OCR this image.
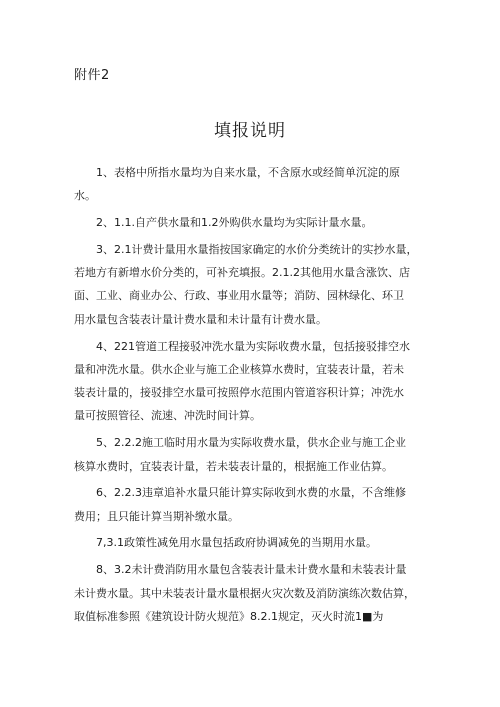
附件2
填报说明

1、表格中所指水量均为自来水量，不含原水或经简单沉淀的原
水。

2、1.1.自产供水量和1.2外购供水量均为实际计量水量。

3、2.1计费计量用水量指按国家确定的水价分类统计的实抄水量，
若地方有新增水价分类的，可补充填报。2.1.2其他用水量含涨饮、店
面、工业、商业办公、行政、事业用水量等；消防、园林绿化、环卫
用水量包含装表计量计费水量和未计量有计费水量。

4、221管道工程接驳冲洗水量为实际收费水量，包括接驳排空水
量和冲洗水量。供水企业与施工企业核算水费时，宜装表计量，若未
装表计量的，接驳排空水量可按照停水范围内管道容积计算；冲洗水
量可按照管径、流速、冲洗时间计算。

5、2.2.2施工临时用水量为实际收费水量，供水企业与施工企业
核算水费时，宜装表计量，若未装表计量的，根据施工作业估算。

6、2.2.3违章追补水量只能计算实际收到水费的水量，不含维修
费用；且只能计算当期补缴水量。

7,3.1政策性减免用水量包括政府协调减免的当期用水量。

8、3.2未计费消防用水量包含装表计量未计费水量和未装表计量
未计费水量。其中未装表计量水量根据火灾次数及消防演练次数估算，
取值标准参照《建筑设计防火规范》8.2.1规定，灭火时流1■为
